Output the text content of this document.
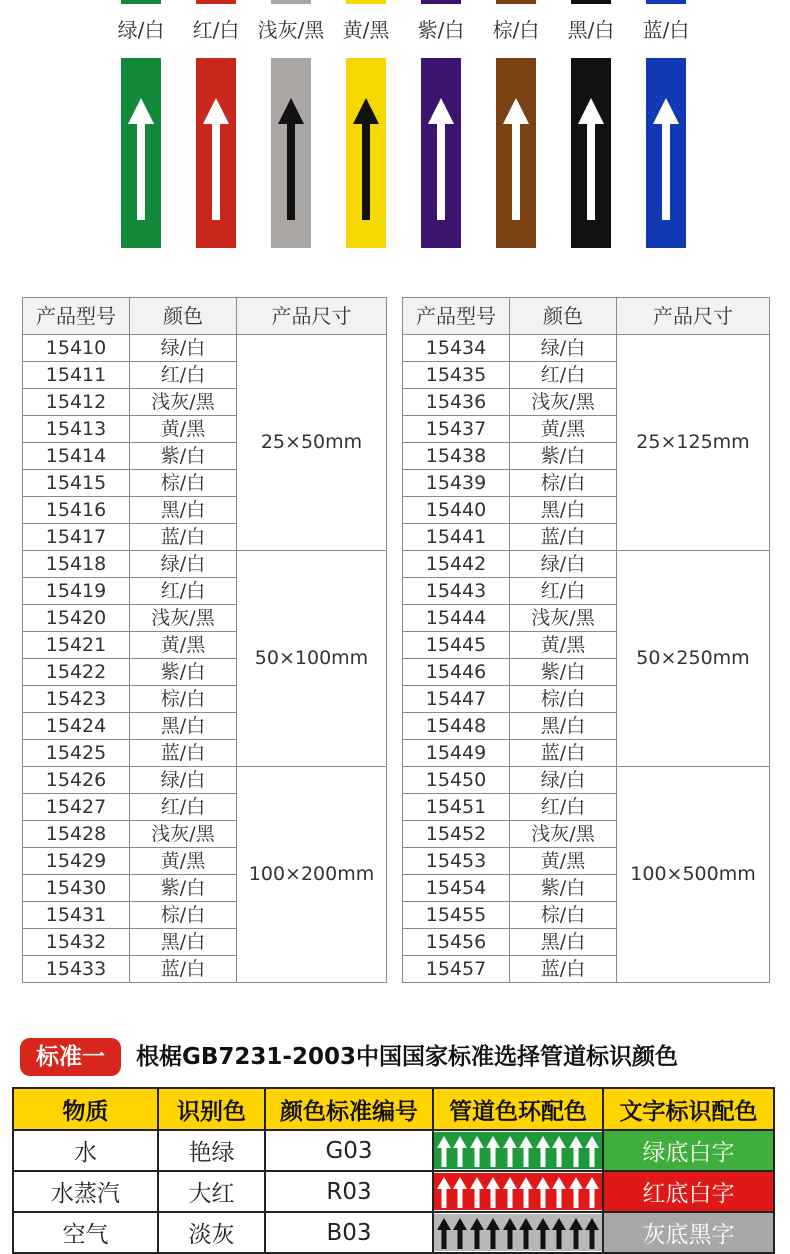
绿/白	红/白 浅灰/黑 黄/黑	紫/白	棕/白	黑/白	蓝/白
产品型号	颜色	产品尺寸
15410	绿/白	25×50mm
15411	红/白	
15412	浅灰/黑	
15413	黄/黑	
15414	紫/白	
15415	棕/白	
15416	黑/白	
15417	蓝/白	
15418	绿/白	50×100mm
15419	红/白	
15420	浅灰/黑	
15421	黄/黑	
15422	紫/白	
15423	棕/白	
15424	黑/白	
15425	蓝/白	
15426	绿/白	100×200mm
15427	红/白	
15428	浅灰/黑	
15429	黄/黑	
15430	紫/白	
15431	棕/白	
15432	黑/白	
15433	蓝/白	
产品型号	颜色	产品尺寸
15434	绿/白	25×125mm
15435	红/白	
15436	浅灰/黑	
15437	黄/黑	
15438	紫/白	
15439	棕/白	
15440	黑/白	
15441	蓝/白	
15442	绿/白	50×250mm
15443	红/白	
15444	浅灰/黑	
15445	黄/黑	
15446	紫/白	
15447	棕/白	
15448	黑/白	
15449	蓝/白	
15450	绿/白	100×500mm
15451	红/白	
15452	浅灰/黑	
15453	黄/黑	
15454	紫/白	
15455	棕/白	
15456	黑/白	
15457	蓝/白	
标准一	根椐GB7231-2003中国国家标准选择管道标识颜色
物质	识别色	颜色标准编号	管道色环配色	文字标识配色
水	艳绿	G03		绿底白字
水蒸汽	大红	R03		红底白字
空气	淡灰	B03		灰底黑字
